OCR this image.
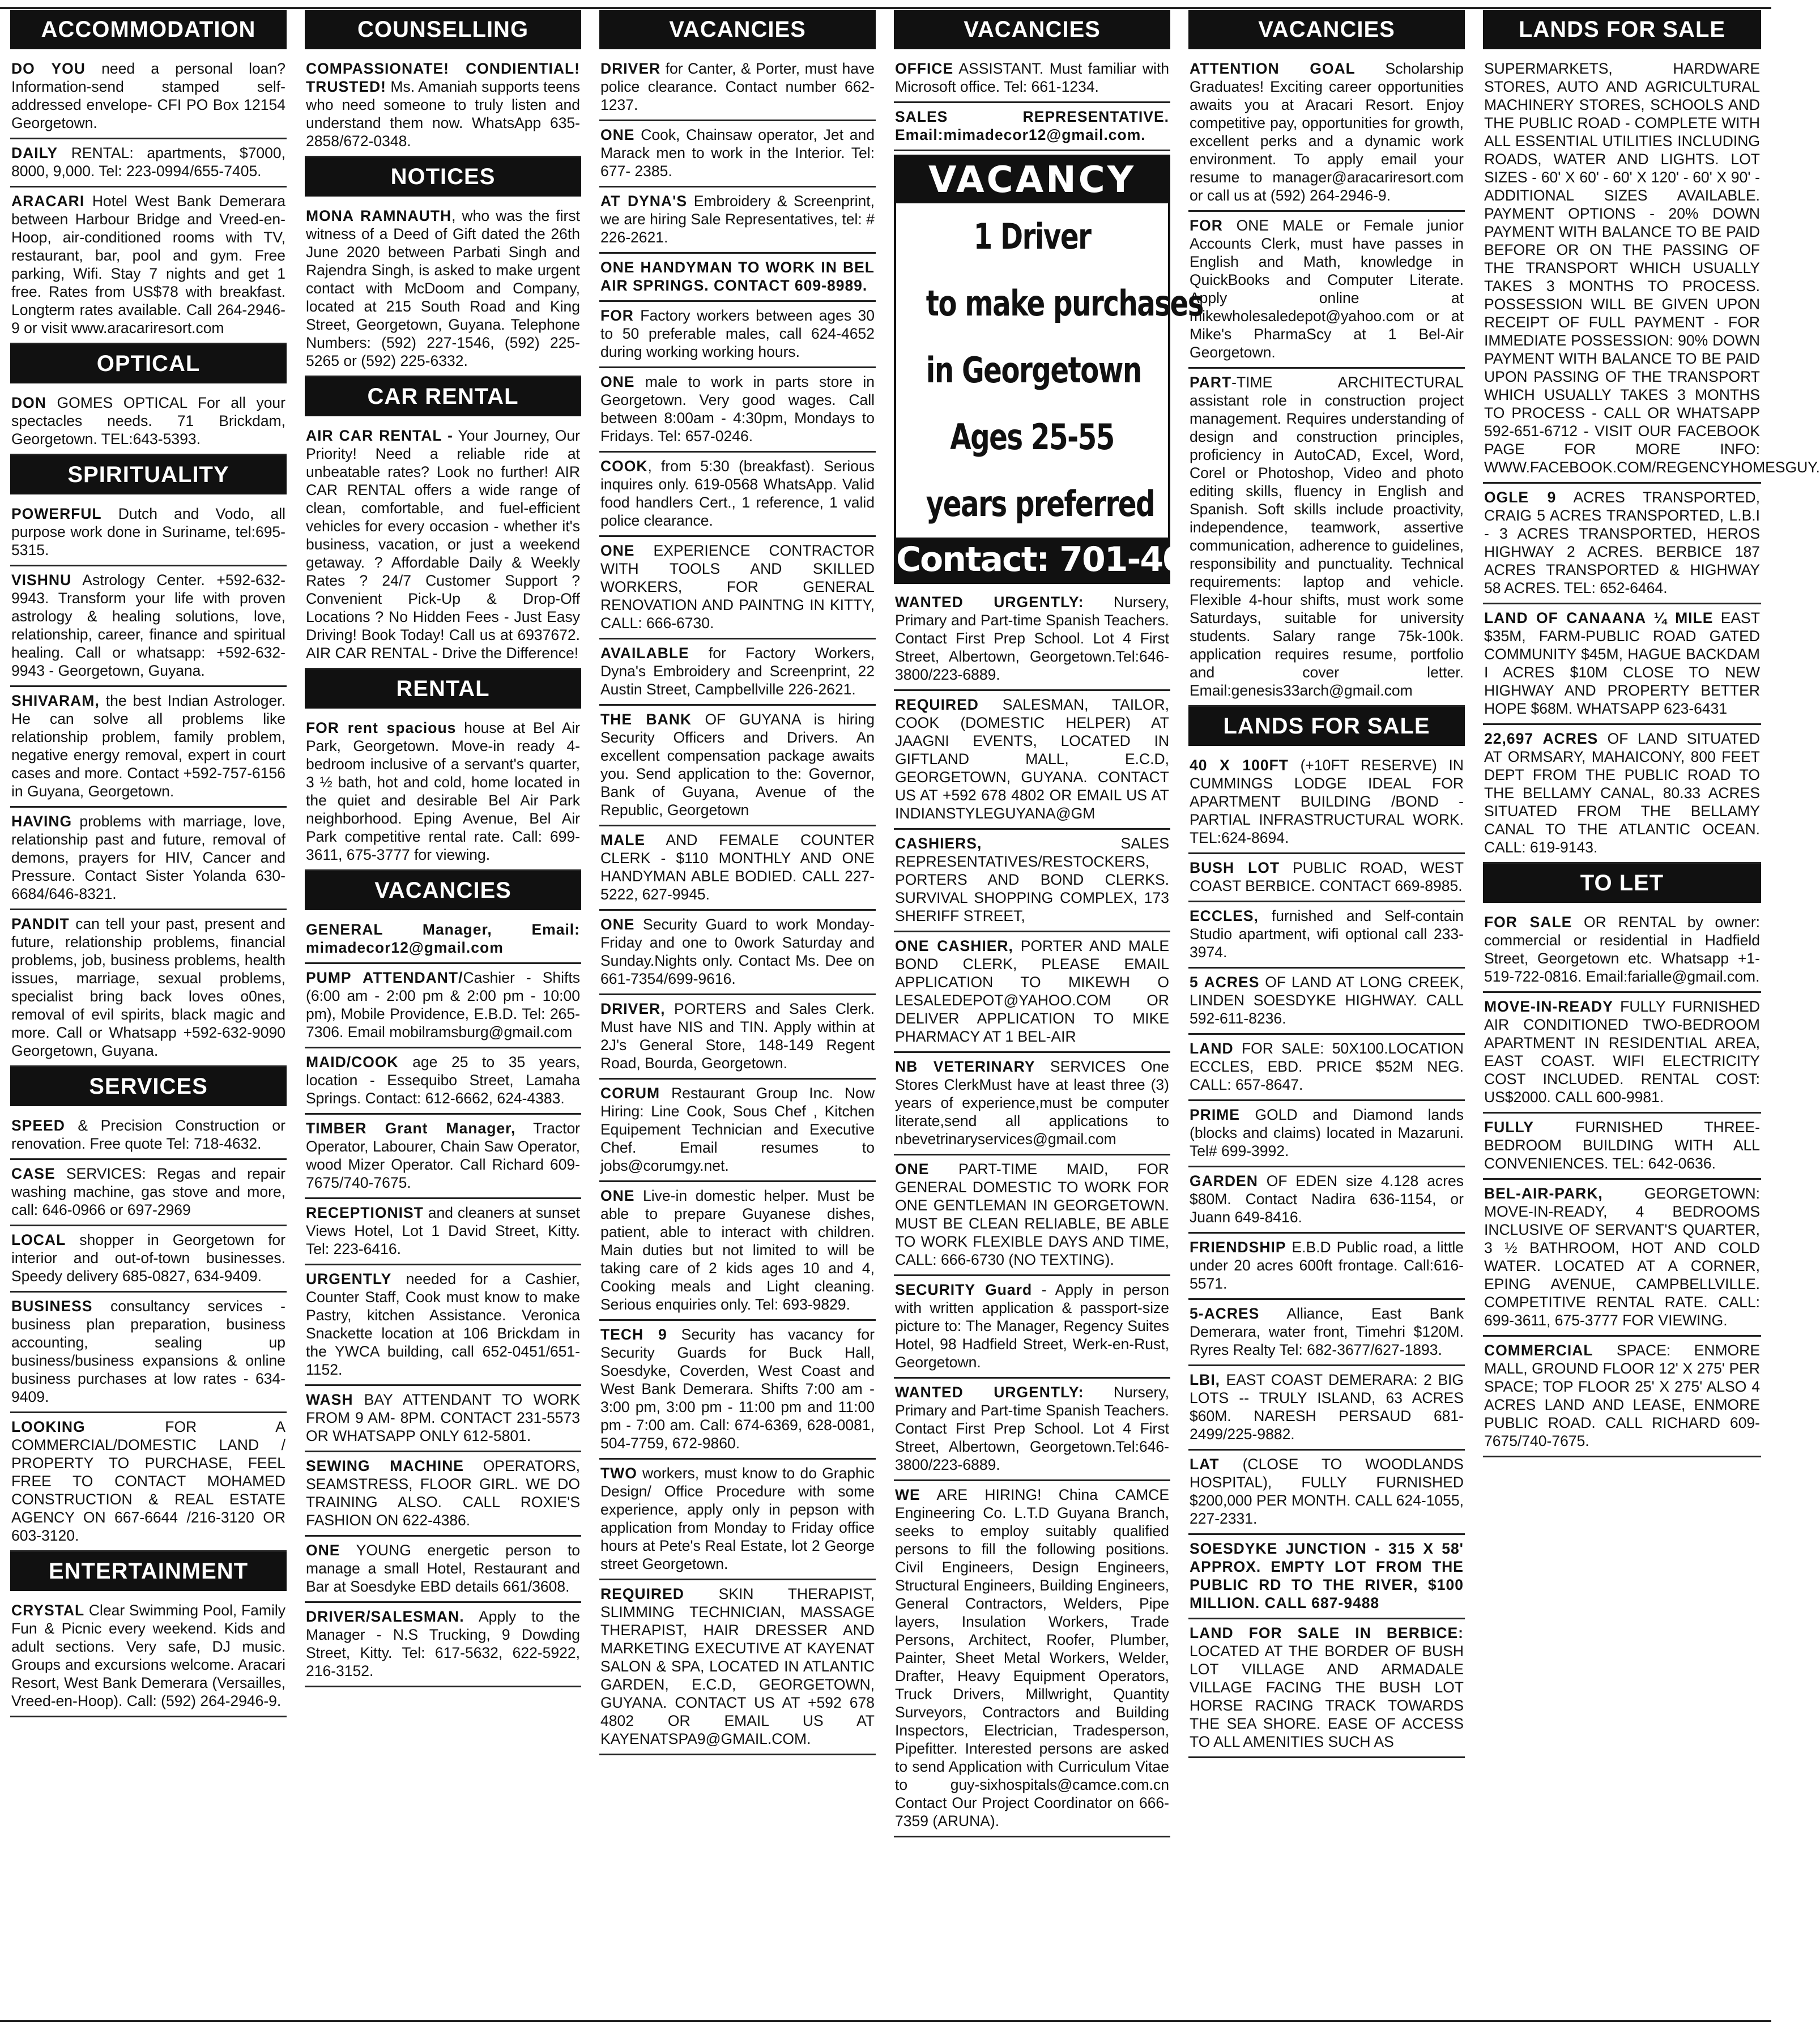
ACCOMMODATION

DO YOU need a personal loan? Information-send stamped self-addressed envelope- CFI PO Box 12154 Georgetown.

DAILY RENTAL: apartments, $7000, 8000, 9,000. Tel: 223-0994/655-7405.

ARACARI Hotel West Bank Demerara between Harbour Bridge and Vreed-en-Hoop, air-conditioned rooms with TV, restaurant, bar, pool and gym. Free parking, Wifi. Stay 7 nights and get 1 free. Rates from US$78 with breakfast. Longterm rates available. Call 264-2946-9 or visit www.aracariresort.com

OPTICAL

DON GOMES OPTICAL For all your spectacles needs. 71 Brickdam, Georgetown. TEL:643-5393.

SPIRITUALITY

POWERFUL Dutch and Vodo, all purpose work done in Suriname, tel:695-5315.

VISHNU Astrology Center. +592-632-9943. Transform your life with proven astrology & healing solutions, love, relationship, career, finance and spiritual healing. Call or whatsapp: +592-632-9943 - Georgetown, Guyana.

SHIVARAM, the best Indian Astrologer. He can solve all problems like relationship problem, family problem, negative energy removal, expert in court cases and more. Contact +592-757-6156 in Guyana, Georgetown.

HAVING problems with marriage, love, relationship past and future, removal of demons, prayers for HIV, Cancer and Pressure. Contact Sister Yolanda 630-6684/646-8321.

PANDIT can tell your past, present and future, relationship problems, financial problems, job, business problems, health issues, marriage, sexual problems, specialist bring back loves o0nes, removal of evil spirits, black magic and more. Call or Whatsapp +592-632-9090 Georgetown, Guyana.

SERVICES

SPEED & Precision Construction or renovation. Free quote Tel: 718-4632.

CASE SERVICES: Regas and repair washing machine, gas stove and more, call: 646-0966 or 697-2969

LOCAL shopper in Georgetown for interior and out-of-town businesses. Speedy delivery 685-0827, 634-9409.

BUSINESS consultancy services - business plan preparation, business accounting, sealing up business/business expansions & online business purchases at low rates - 634-9409.

LOOKING FOR A COMMERCIAL/DOMESTIC LAND / PROPERTY TO PURCHASE, FEEL FREE TO CONTACT MOHAMED CONSTRUCTION & REAL ESTATE AGENCY ON 667-6644 /216-3120 OR 603-3120.

ENTERTAINMENT

CRYSTAL Clear Swimming Pool, Family Fun & Picnic every weekend. Kids and adult sections. Very safe, DJ music. Groups and excursions welcome. Aracari Resort, West Bank Demerara (Versailles, Vreed-en-Hoop). Call: (592) 264-2946-9.

COUNSELLING

COMPASSIONATE! CONDIENTIAL! TRUSTED! Ms. Amaniah supports teens who need someone to truly listen and understand them now. WhatsApp 635-2858/672-0348.

NOTICES

MONA RAMNAUTH, who was the first witness of a Deed of Gift dated the 26th June 2020 between Parbati Singh and Rajendra Singh, is asked to make urgent contact with McDoom and Company, located at 215 South Road and King Street, Georgetown, Guyana. Telephone Numbers: (592) 227-1546, (592) 225-5265 or (592) 225-6332.

CAR RENTAL

AIR CAR RENTAL - Your Journey, Our Priority! Need a reliable ride at unbeatable rates? Look no further! AIR CAR RENTAL offers a wide range of clean, comfortable, and fuel-efficient vehicles for every occasion - whether it's business, vacation, or just a weekend getaway. ? Affordable Daily & Weekly Rates ? 24/7 Customer Support ? Convenient Pick-Up & Drop-Off Locations ? No Hidden Fees - Just Easy Driving! Book Today! Call us at 6937672. AIR CAR RENTAL - Drive the Difference!

RENTAL

FOR rent spacious house at Bel Air Park, Georgetown. Move-in ready 4-bedroom inclusive of a servant's quarter, 3 ½ bath, hot and cold, home located in the quiet and desirable Bel Air Park neighborhood. Eping Avenue, Bel Air Park competitive rental rate. Call: 699-3611, 675-3777 for viewing.

VACANCIES

GENERAL Manager, Email: mimadecor12@gmail.com

PUMP ATTENDANT/Cashier - Shifts (6:00 am - 2:00 pm & 2:00 pm - 10:00 pm), Mobile Providence, E.B.D. Tel: 265-7306. Email mobilramsburg@gmail.com

MAID/COOK age 25 to 35 years, location - Essequibo Street, Lamaha Springs. Contact: 612-6662, 624-4383.

TIMBER Grant Manager, Tractor Operator, Labourer, Chain Saw Operator, wood Mizer Operator. Call Richard 609-7675/740-7675.

RECEPTIONIST and cleaners at sunset Views Hotel, Lot 1 David Street, Kitty. Tel: 223-6416.

URGENTLY needed for a Cashier, Counter Staff, Cook must know to make Pastry, kitchen Assistance. Veronica Snackette location at 106 Brickdam in the YWCA building, call 652-0451/651-1152.

WASH BAY ATTENDANT TO WORK FROM 9 AM- 8PM. CONTACT 231-5573 OR WHATSAPP ONLY 612-5801.

SEWING MACHINE OPERATORS, SEAMSTRESS, FLOOR GIRL. WE DO TRAINING ALSO. CALL ROXIE'S FASHION ON 622-4386.

ONE YOUNG energetic person to manage a small Hotel, Restaurant and Bar at Soesdyke EBD details 661/3608.

DRIVER/SALESMAN. Apply to the Manager - N.S Trucking, 9 Dowding Street, Kitty. Tel: 617-5632, 622-5922, 216-3152.

VACANCIES

DRIVER for Canter, & Porter, must have police clearance. Contact number 662-1237.

ONE Cook, Chainsaw operator, Jet and Marack men to work in the Interior. Tel: 677- 2385.

AT DYNA'S Embroidery & Screenprint, we are hiring Sale Representatives, tel: # 226-2621.

ONE HANDYMAN TO WORK IN BEL AIR SPRINGS. CONTACT 609-8989.

FOR Factory workers between ages 30 to 50 preferable males, call 624-4652 during working working hours.

ONE male to work in parts store in Georgetown. Very good wages. Call between 8:00am - 4:30pm, Mondays to Fridays. Tel: 657-0246.

COOK, from 5:30 (breakfast). Serious inquires only. 619-0568 WhatsApp. Valid food handlers Cert., 1 reference, 1 valid police clearance.

ONE EXPERIENCE CONTRACTOR WITH TOOLS AND SKILLED WORKERS, FOR GENERAL RENOVATION AND PAINTNG IN KITTY, CALL: 666-6730.

AVAILABLE for Factory Workers, Dyna's Embroidery and Screenprint, 22 Austin Street, Campbellville 226-2621.

THE BANK OF GUYANA is hiring Security Officers and Drivers. An excellent compensation package awaits you. Send application to the: Governor, Bank of Guyana, Avenue of the Republic, Georgetown

MALE AND FEMALE COUNTER CLERK - $110 MONTHLY AND ONE HANDYMAN ABLE BODIED. CALL 227-5222, 627-9945.

ONE Security Guard to work Monday-Friday and one to 0work Saturday and Sunday.Nights only. Contact Ms. Dee on 661-7354/699-9616.

DRIVER, PORTERS and Sales Clerk. Must have NIS and TIN. Apply within at 2J's General Store, 148-149 Regent Road, Bourda, Georgetown.

CORUM Restaurant Group Inc. Now Hiring: Line Cook, Sous Chef , Kitchen Equipement Technician and Executive Chef. Email resumes to jobs@corumgy.net.

ONE Live-in domestic helper. Must be able to prepare Guyanese dishes, patient, able to interact with children. Main duties but not limited to will be taking care of 2 kids ages 10 and 4, Cooking meals and Light cleaning. Serious enquiries only. Tel: 693-9829.

TECH 9 Security has vacancy for Security Guards for Buck Hall, Soesdyke, Coverden, West Coast and West Bank Demerara. Shifts 7:00 am - 3:00 pm, 3:00 pm - 11:00 pm and 11:00 pm - 7:00 am. Call: 674-6369, 628-0081, 504-7759, 672-9860.

TWO workers, must know to do Graphic Design/ Office Procedure with some experience, apply only in pepson with application from Monday to Friday office hours at Pete's Real Estate, lot 2 George street Georgetown.

REQUIRED SKIN THERAPIST, SLIMMING TECHNICIAN, MASSAGE THERAPIST, HAIR DRESSER AND MARKETING EXECUTIVE AT KAYENAT SALON & SPA, LOCATED IN ATLANTIC GARDEN, E.C.D, GEORGETOWN, GUYANA. CONTACT US AT +592 678 4802 OR EMAIL US AT KAYENATSPA9@GMAIL.COM.

VACANCIES

OFFICE ASSISTANT. Must familiar with Microsoft office. Tel: 661-1234.

SALES REPRESENTATIVE. Email:mimadecor12@gmail.com.

VACANCY
1 Driver
to make purchases
in Georgetown
Ages 25-55
years preferred
Contact: 701-4000

WANTED URGENTLY: Nursery, Primary and Part-time Spanish Teachers. Contact First Prep School. Lot 4 First Street, Albertown, Georgetown.Tel:646-3800/223-6889.

REQUIRED SALESMAN, TAILOR, COOK (DOMESTIC HELPER) AT JAAGNI EVENTS, LOCATED IN GIFTLAND MALL, E.C.D, GEORGETOWN, GUYANA. CONTACT US AT +592 678 4802 OR EMAIL US AT INDIANSTYLEGUYANA@GM

CASHIERS, SALES REPRESENTATIVES/RESTOCKERS, PORTERS AND BOND CLERKS. SURVIVAL SHOPPING COMPLEX, 173 SHERIFF STREET,

ONE CASHIER, PORTER AND MALE BOND CLERK, PLEASE EMAIL APPLICATION TO MIKEWH O LESALEDEPOT@YAHOO.COM OR DELIVER APPLICATION TO MIKE PHARMACY AT 1 BEL-AIR

NB VETERINARY SERVICES One Stores ClerkMust have at least three (3) years of experience,must be computer literate,send all applications to nbevetrinaryservices@gmail.com

ONE PART-TIME MAID, FOR GENERAL DOMESTIC TO WORK FOR ONE GENTLEMAN IN GEORGETOWN. MUST BE CLEAN RELIABLE, BE ABLE TO WORK FLEXIBLE DAYS AND TIME, CALL: 666-6730 (NO TEXTING).

SECURITY Guard - Apply in person with written application & passport-size picture to: The Manager, Regency Suites Hotel, 98 Hadfield Street, Werk-en-Rust, Georgetown.

WANTED URGENTLY: Nursery, Primary and Part-time Spanish Teachers. Contact First Prep School. Lot 4 First Street, Albertown, Georgetown.Tel:646-3800/223-6889.

WE ARE HIRING! China CAMCE Engineering Co. L.T.D Guyana Branch, seeks to employ suitably qualified persons to fill the following positions. Civil Engineers, Design Engineers, Structural Engineers, Building Engineers, General Contractors, Welders, Pipe layers, Insulation Workers, Trade Persons, Architect, Roofer, Plumber, Painter, Sheet Metal Workers, Welder, Drafter, Heavy Equipment Operators, Truck Drivers, Millwright, Quantity Surveyors, Contractors and Building Inspectors, Electrician, Tradesperson, Pipefitter. Interested persons are asked to send Application with Curriculum Vitae to guy-sixhospitals@camce.com.cn Contact Our Project Coordinator on 666-7359 (ARUNA).

VACANCIES

ATTENTION GOAL Scholarship Graduates! Exciting career opportunities awaits you at Aracari Resort. Enjoy competitive pay, opportunities for growth, excellent perks and a dynamic work environment. To apply email your resume to manager@aracariresort.com or call us at (592) 264-2946-9.

FOR ONE MALE or Female junior Accounts Clerk, must have passes in English and Math, knowledge in QuickBooks and Computer Literate. Apply online at mikewholesaledepot@yahoo.com or at Mike's PharmaScy at 1 Bel-Air Georgetown.

PART-TIME ARCHITECTURAL assistant role in construction project management. Requires understanding of design and construction principles, proficiency in AutoCAD, Excel, Word, Corel or Photoshop, Video and photo editing skills, fluency in English and Spanish. Soft skills include proactivity, independence, teamwork, assertive communication, adherence to guidelines, responsibility and punctuality. Technical requirements: laptop and vehicle. Flexible 4-hour shifts, must work some Saturdays, suitable for university students. Salary range 75k-100k. application requires resume, portfolio and cover letter. Email:genesis33arch@gmail.com

LANDS FOR SALE

40 X 100FT (+10FT RESERVE) IN CUMMINGS LODGE IDEAL FOR APARTMENT BUILDING /BOND - PARTIAL INFRASTRUCTURAL WORK. TEL:624-8694.

BUSH LOT PUBLIC ROAD, WEST COAST BERBICE. CONTACT 669-8985.

ECCLES, furnished and Self-contain Studio apartment, wifi optional call 233-3974.

5 ACRES OF LAND AT LONG CREEK, LINDEN SOESDYKE HIGHWAY. CALL 592-611-8236.

LAND FOR SALE: 50X100.LOCATION ECCLES, EBD. PRICE $52M NEG. CALL: 657-8647.

PRIME GOLD and Diamond lands (blocks and claims) located in Mazaruni. Tel# 699-3992.

GARDEN OF EDEN size 4.128 acres $80M. Contact Nadira 636-1154, or Juann 649-8416.

FRIENDSHIP E.B.D Public road, a little under 20 acres 600ft frontage. Call:616-5571.

5-ACRES Alliance, East Bank Demerara, water front, Timehri $120M. Ryres Realty Tel: 682-3677/627-1893.

LBI, EAST COAST DEMERARA: 2 BIG LOTS -- TRULY ISLAND, 63 ACRES $60M. NARESH PERSAUD 681-2499/225-9882.

LAT (CLOSE TO WOODLANDS HOSPITAL), FULLY FURNISHED $200,000 PER MONTH. CALL 624-1055, 227-2331.

SOESDYKE JUNCTION - 315 X 58' APPROX. EMPTY LOT FROM THE PUBLIC RD TO THE RIVER, $100 MILLION. CALL 687-9488

LAND FOR SALE IN BERBICE: LOCATED AT THE BORDER OF BUSH LOT VILLAGE AND ARMADALE VILLAGE FACING THE BUSH LOT HORSE RACING TRACK TOWARDS THE SEA SHORE. EASE OF ACCESS TO ALL AMENITIES SUCH AS

LANDS FOR SALE

SUPERMARKETS, HARDWARE STORES, AUTO AND AGRICULTURAL MACHINERY STORES, SCHOOLS AND THE PUBLIC ROAD - COMPLETE WITH ALL ESSENTIAL UTILITIES INCLUDING ROADS, WATER AND LIGHTS. LOT SIZES - 60' X 60' - 60' X 120' - 60' X 90' - ADDITIONAL SIZES AVAILABLE. PAYMENT OPTIONS - 20% DOWN PAYMENT WITH BALANCE TO BE PAID BEFORE OR ON THE PASSING OF THE TRANSPORT WHICH USUALLY TAKES 3 MONTHS TO PROCESS. POSSESSION WILL BE GIVEN UPON RECEIPT OF FULL PAYMENT - FOR IMMEDIATE POSSESSION: 90% DOWN PAYMENT WITH BALANCE TO BE PAID UPON PASSING OF THE TRANSPORT WHICH USUALLY TAKES 3 MONTHS TO PROCESS - CALL OR WHATSAPP 592-651-6712 - VISIT OUR FACEBOOK PAGE FOR MORE INFO: WWW.FACEBOOK.COM/REGENCYHOMESGUY.

OGLE 9 ACRES TRANSPORTED, CRAIG 5 ACRES TRANSPORTED, L.B.I - 3 ACRES TRANSPORTED, HEROS HIGHWAY 2 ACRES. BERBICE 187 ACRES TRANSPORTED & HIGHWAY 58 ACRES. TEL: 652-6464.

LAND OF CANAANA ¼ MILE EAST $35M, FARM-PUBLIC ROAD GATED COMMUNITY $45M, HAGUE BACKDAM I ACRES $10M CLOSE TO NEW HIGHWAY AND PROPERTY BETTER HOPE $68M. WHATSAPP 623-6431

22,697 ACRES OF LAND SITUATED AT ORMSARY, MAHAICONY, 800 FEET DEPT FROM THE PUBLIC ROAD TO THE BELLAMY CANAL, 80.33 ACRES SITUATED FROM THE BELLAMY CANAL TO THE ATLANTIC OCEAN. CALL: 619-9143.

TO LET

FOR SALE OR RENTAL by owner: commercial or residential in Hadfield Street, Georgetown etc. Whatsapp +1-519-722-0816. Email:farialle@gmail.com.

MOVE-IN-READY FULLY FURNISHED AIR CONDITIONED TWO-BEDROOM APARTMENT IN RESIDENTIAL AREA, EAST COAST. WIFI ELECTRICITY COST INCLUDED. RENTAL COST: US$2000. CALL 600-9981.

FULLY FURNISHED THREE-BEDROOM BUILDING WITH ALL CONVENIENCES. TEL: 642-0636.

BEL-AIR-PARK, GEORGETOWN: MOVE-IN-READY, 4 BEDROOMS INCLUSIVE OF SERVANT'S QUARTER, 3 ½ BATHROOM, HOT AND COLD WATER. LOCATED AT A CORNER, EPING AVENUE, CAMPBELLVILLE. COMPETITIVE RENTAL RATE. CALL: 699-3611, 675-3777 FOR VIEWING.

COMMERCIAL SPACE: ENMORE MALL, GROUND FLOOR 12' X 275' PER SPACE; TOP FLOOR 25' X 275' ALSO 4 ACRES LAND AND LEASE, ENMORE PUBLIC ROAD. CALL RICHARD 609-7675/740-7675.
